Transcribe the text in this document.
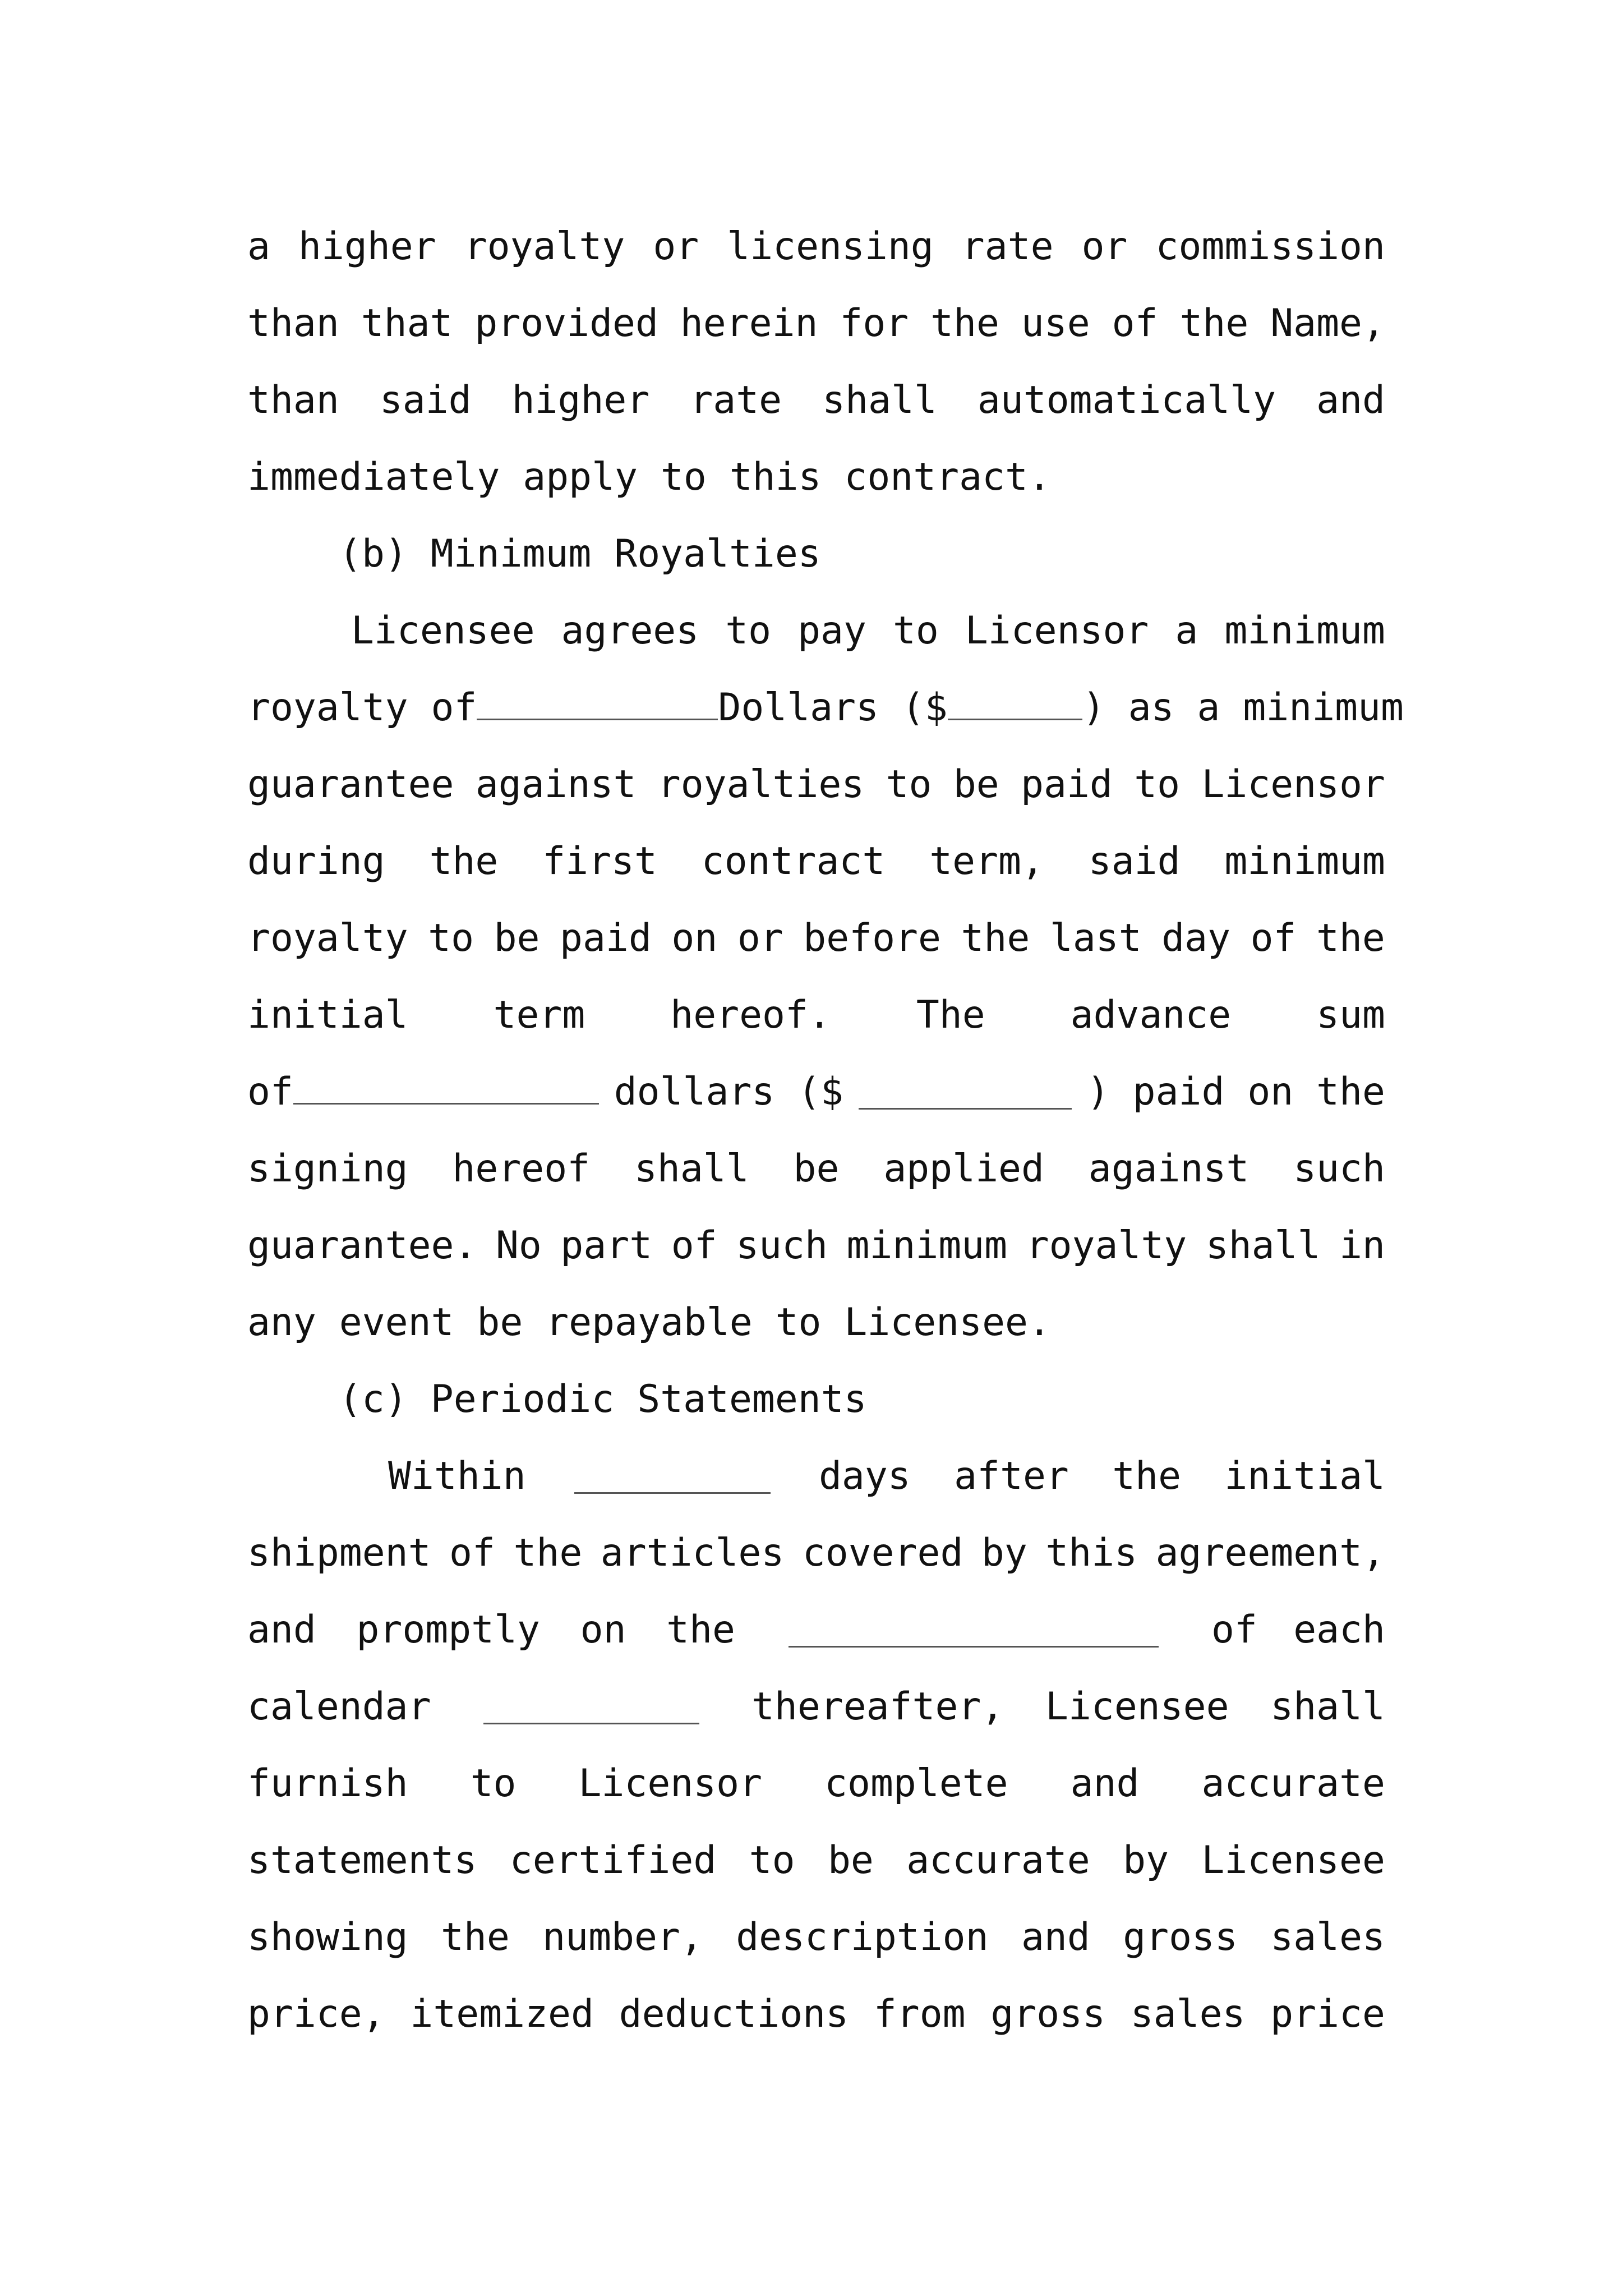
a higher royalty or licensing rate or commission
than that provided herein for the use of the Name,
than said higher rate shall automatically and
immediately apply to this contract.
(b) Minimum Royalties
Licensee agrees to pay to Licensor a minimum
royalty of	Dollars ($	) as a minimum
guarantee against royalties to be paid to Licensor
during the first contract term, said minimum
royalty to be paid on or before the last day of the
initial term hereof. The advance sum
of	dollars ($	) paid on the
signing hereof shall be applied against such
guarantee. No part of such minimum royalty shall in
any event be repayable to Licensee.
(c) Periodic Statements
Within	days after the initial
shipment of the articles covered by this agreement,
and promptly on the	of each
calendar	thereafter, Licensee shall
furnish to Licensor complete and accurate
statements certified to be accurate by Licensee
showing the number, description and gross sales
price, itemized deductions from gross sales price
